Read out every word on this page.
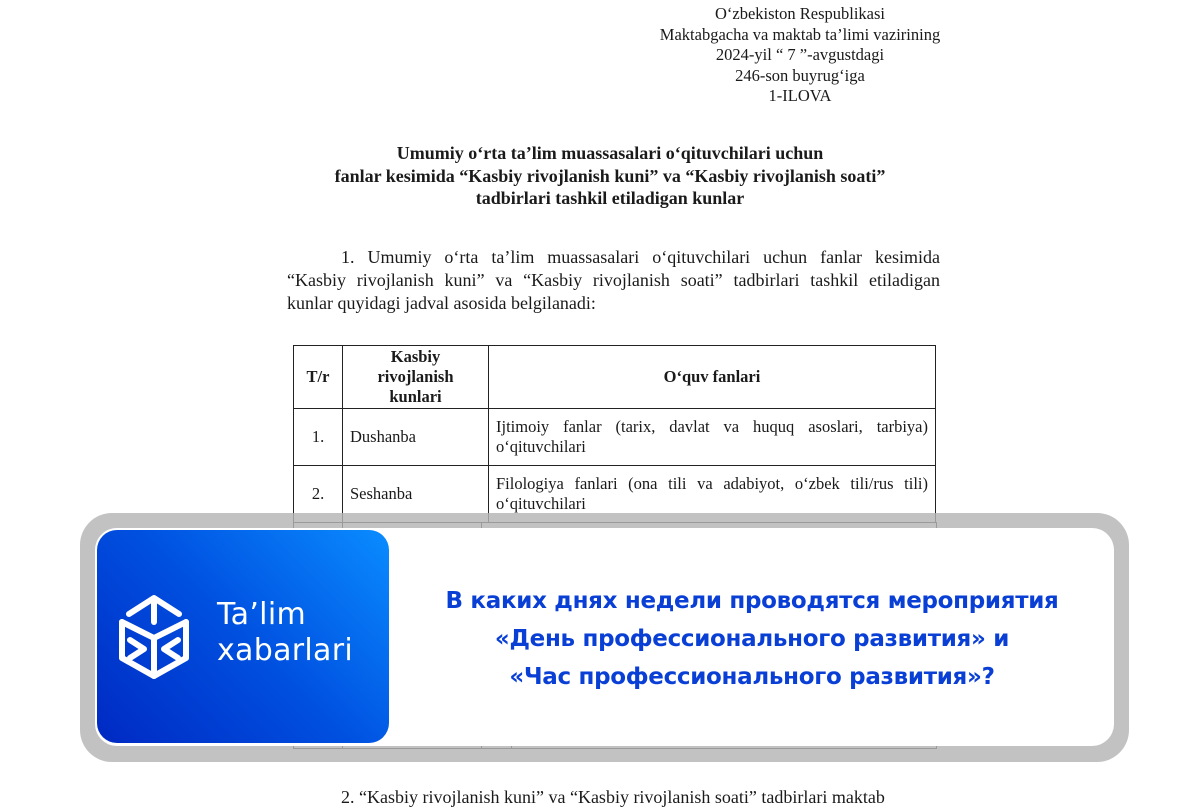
O‘zbekiston Respublikasi
Maktabgacha va maktab ta’limi vazirining
2024-yil “ 7 ”-avgustdagi
246-son buyrug‘iga
1-ILOVA
Umumiy o‘rta ta’lim muassasalari o‘qituvchilari uchun
fanlar kesimida “Kasbiy rivojlanish kuni” va “Kasbiy rivojlanish soati”
tadbirlari tashkil etiladigan kunlar
1. Umumiy o‘rta ta’lim muassasalari o‘qituvchilari uchun fanlar kesimida
“Kasbiy rivojlanish kuni” va “Kasbiy rivojlanish soati” tadbirlari tashkil etiladigan
kunlar quyidagi jadval asosida belgilanadi:
T/r	Kasbiy
rivojlanish
kunlari	O‘quv fanlari
1.	Dushanba	Ijtimoiy fanlar (tarix, davlat va huquq asoslari, tarbiya)
o‘qituvchilari
2.	Seshanba	Filologiya fanlari (ona tili va adabiyot, o‘zbek tili/rus tili)
o‘qituvchilari
2. “Kasbiy rivojlanish kuni” va “Kasbiy rivojlanish soati” tadbirlari maktab
Ta’lim
xabarlari
В каких днях недели проводятся мероприятия
«День профессионального развития» и
«Час профессионального развития»?
